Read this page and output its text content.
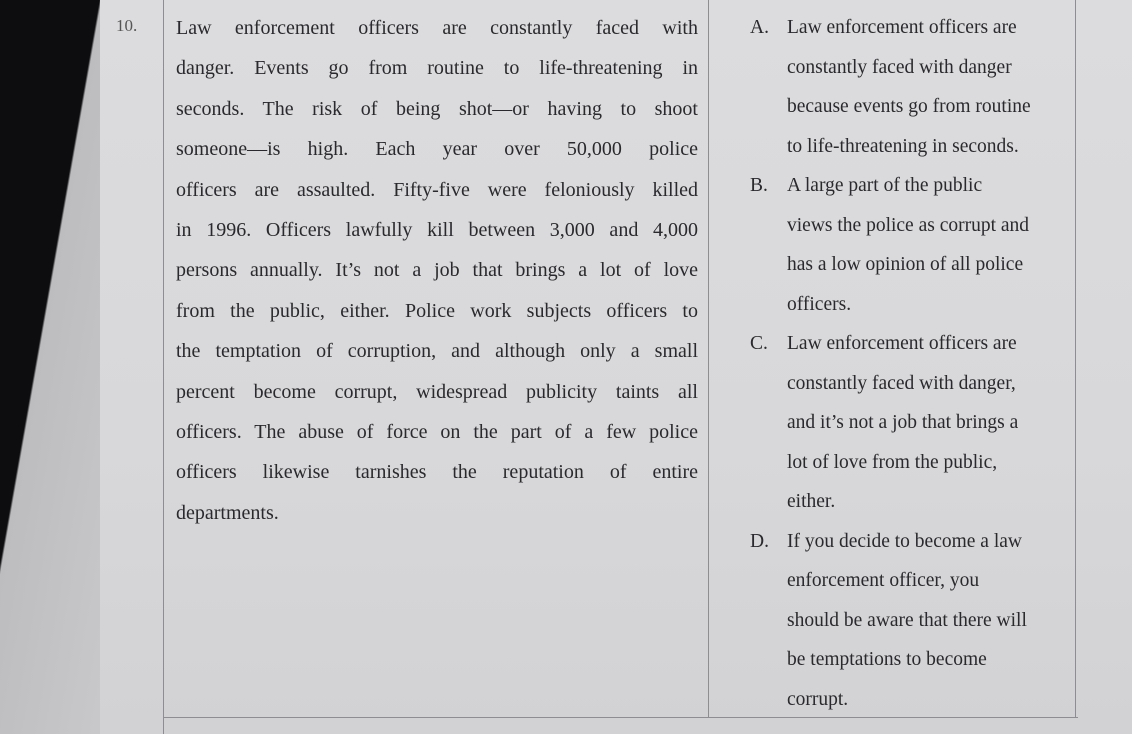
10. Law enforcement officers are constantly faced with
danger. Events go from routine to life-threatening in
seconds. The risk of being shot—or having to shoot
someone—is high. Each year over 50,000 police
officers are assaulted. Fifty-five were feloniously killed
in 1996. Officers lawfully kill between 3,000 and 4,000
persons annually. It’s not a job that brings a lot of love
from the public, either. Police work subjects officers to
the temptation of corruption, and although only a small
percent become corrupt, widespread publicity taints all
officers. The abuse of force on the part of a few police
officers likewise tarnishes the reputation of entire
departments.
A. Law enforcement officers are
constantly faced with danger
because events go from routine
to life-threatening in seconds.
B. A large part of the public
views the police as corrupt and
has a low opinion of all police
officers.
C. Law enforcement officers are
constantly faced with danger,
and it’s not a job that brings a
lot of love from the public,
either.
D. If you decide to become a law
enforcement officer, you
should be aware that there will
be temptations to become
corrupt.
